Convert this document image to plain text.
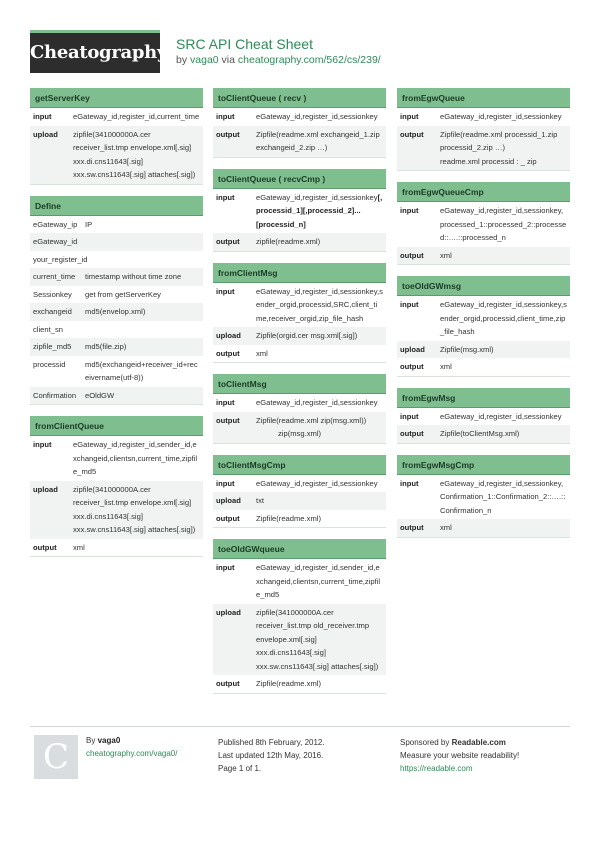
Cheatography SRC API Cheat Sheet
by vaga0 via cheatography.com/562/cs/239/
getServerKey
input	eGateway_id,register_id,current_time
upload	zipfile(341000000A.cer receiver_list.tmp envelope.xml[.sig] xxx.di.cns11643[.sig] xxx.sw.cns11643[.sig] attaches[.sig])
Define
eGateway_ip	IP
eGateway_id
your_register_id
current_time	timestamp without time zone
Sessionkey	get from getServerKey
exchangeid	md5(envelop.xml)
client_sn
zipfile_md5	md5(file.zip)
processid	md5(exchangeid+receiver_id+receivername(utf-8))
Confirmation	eOldGW
fromClientQueue
input	eGateway_id,register_id,sender_id,exchangeid,clientsn,current_time,zipfile_md5
upload	zipfile(341000000A.cer receiver_list.tmp envelope.xml[.sig] xxx.di.cns11643[.sig] xxx.sw.cns11643[.sig] attaches[.sig])
output	xml
toClientQueue ( recv )
input	eGateway_id,register_id,sessionkey
output	Zipfile(readme.xml exchangeid_1.zip exchangeid_2.zip …)
toClientQueue ( recvCmp )
input	eGateway_id,register_id,sessionkey[,processid_1][,processid_2]...[processid_n]
output	zipfile(readme.xml)
fromClientMsg
input	eGateway_id,register_id,sessionkey,sender_orgid,processid,SRC,client_time,receiver_orgid,zip_file_hash
upload	Zipfile(orgid.cer msg.xml[.sig])
output	xml
toClientMsg
input	eGateway_id,register_id,sessionkey
output	Zipfile(readme.xml zip(msg.xml))
zip(msg.xml)
toClientMsgCmp
input	eGateway_id,register_id,sessionkey
upload	txt
output	Zipfile(readme.xml)
toeOldGWqueue
input	eGateway_id,register_id,sender_id,exchangeid,clientsn,current_time,zipfile_md5
upload	zipfile(341000000A.cer receiver_list.tmp old_receiver.tmp envelope.xml[.sig] xxx.di.cns11643[.sig] xxx.sw.cns11643[.sig] attaches[.sig])
output	Zipfile(readme.xml)
fromEgwQueue
input	eGateway_id,register_id,sessionkey
output	Zipfile(readme.xml processid_1.zip processid_2.zip …)
readme.xml processid : _ zip
fromEgwQueueCmp
input	eGateway_id,register_id,sessionkey,processed_1::processed_2::processed::….::processed_n
output	xml
toeOldGWmsg
input	eGateway_id,register_id,sessionkey,sender_orgid,processid,client_time,zip_file_hash
upload	Zipfile(msg.xml)
output	xml
fromEgwMsg
input	eGateway_id,register_id,sessionkey
output	Zipfile(toClientMsg.xml)
fromEgwMsgCmp
input	eGateway_id,register_id,sessionkey,Confirmation_1::Confirmation_2::….::Confirmation_n
output	xml
C	By vaga0
cheatography.com/vaga0/
Published 8th February, 2012.
Last updated 12th May, 2016.
Page 1 of 1.
Sponsored by Readable.com
Measure your website readability!
https://readable.com
